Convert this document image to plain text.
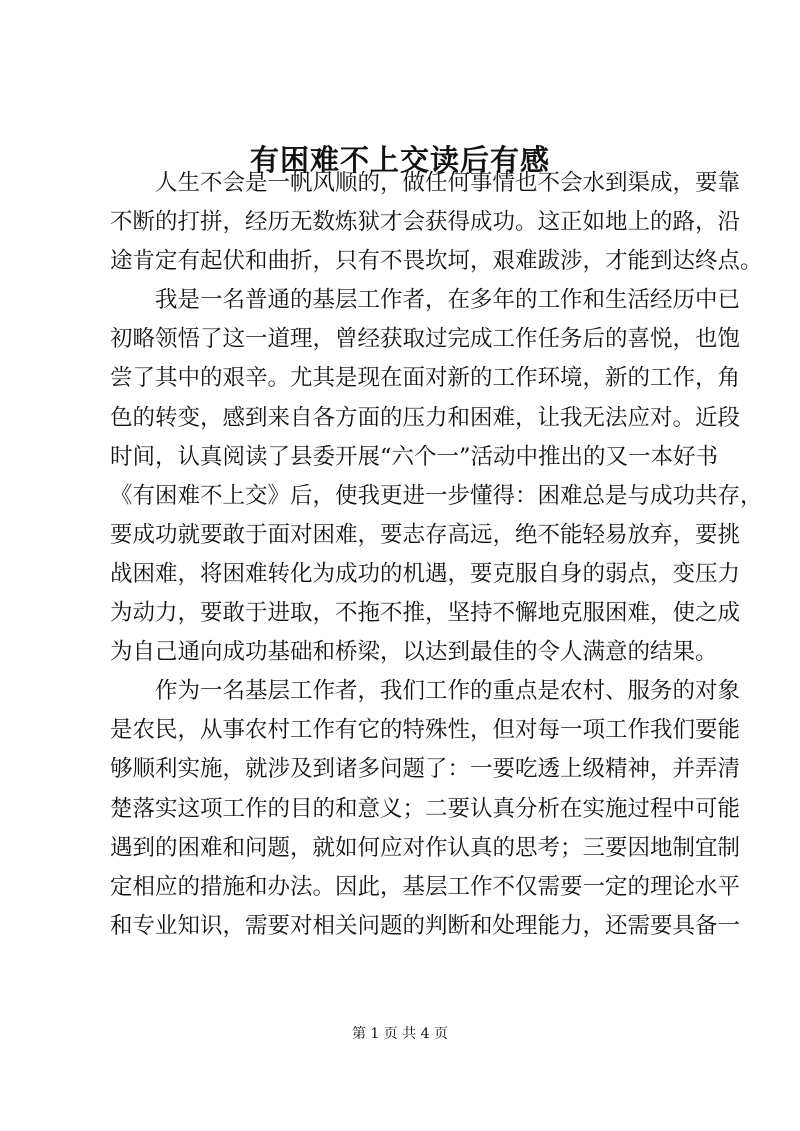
有困难不上交读后有感
人生不会是一帆风顺的，做任何事情也不会水到渠成，要靠
不断的打拼，经历无数炼狱才会获得成功。这正如地上的路，沿
途肯定有起伏和曲折，只有不畏坎坷，艰难跋涉，才能到达终点。
我是一名普通的基层工作者，在多年的工作和生活经历中已
初略领悟了这一道理，曾经获取过完成工作任务后的喜悦，也饱
尝了其中的艰辛。尤其是现在面对新的工作环境，新的工作，角
色的转变，感到来自各方面的压力和困难，让我无法应对。近段
时间，认真阅读了县委开展“六个一”活动中推出的又一本好书
《有困难不上交》后，使我更进一步懂得：困难总是与成功共存，
要成功就要敢于面对困难，要志存高远，绝不能轻易放弃，要挑
战困难，将困难转化为成功的机遇，要克服自身的弱点，变压力
为动力，要敢于进取，不拖不推，坚持不懈地克服困难，使之成
为自己通向成功基础和桥梁，以达到最佳的令人满意的结果。
作为一名基层工作者，我们工作的重点是农村、服务的对象
是农民，从事农村工作有它的特殊性，但对每一项工作我们要能
够顺利实施，就涉及到诸多问题了：一要吃透上级精神，并弄清
楚落实这项工作的目的和意义；二要认真分析在实施过程中可能
遇到的困难和问题，就如何应对作认真的思考；三要因地制宜制
定相应的措施和办法。因此，基层工作不仅需要一定的理论水平
和专业知识，需要对相关问题的判断和处理能力，还需要具备一
第 1 页 共 4 页
